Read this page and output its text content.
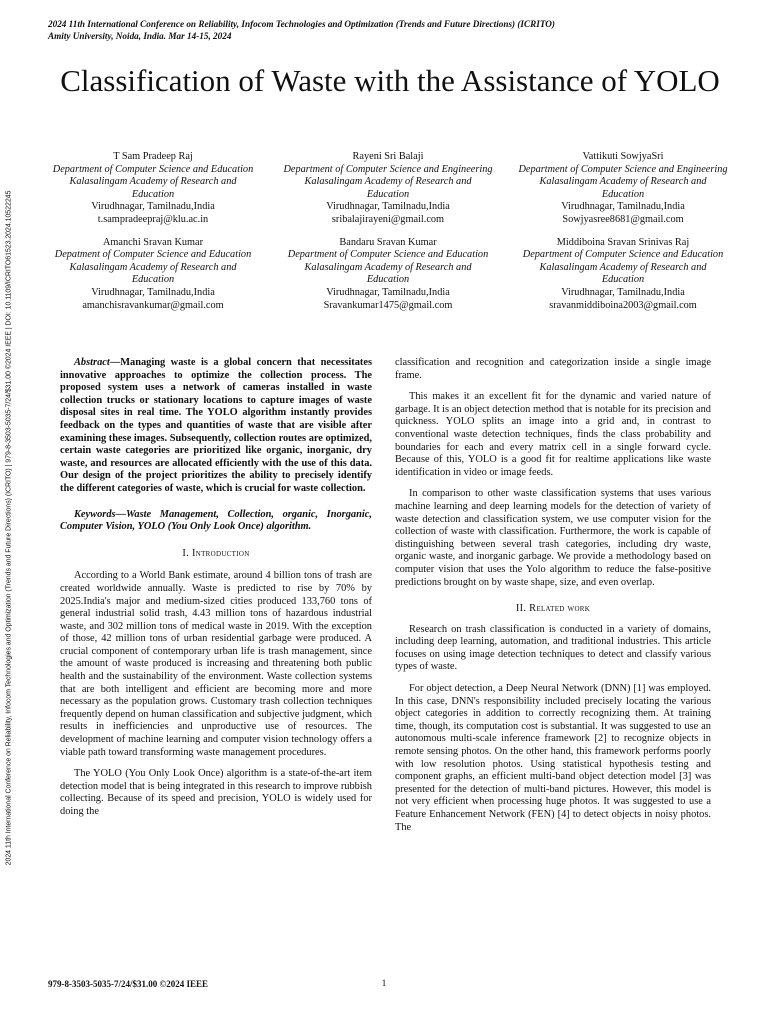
2024 11th International Conference on Reliability, Infocom Technologies and Optimization (Trends and Future Directions) (ICRITO)
Amity University, Noida, India. Mar 14-15, 2024
2024 11th International Conference on Reliability, Infocom Technologies and Optimization (Trends and Future Directions) (ICRITO) | 979-8-3503-5035-7/24/$31.00 ©2024 IEEE | DOI: 10.1109/ICRITO61523.2024.10522245
Classification of Waste with the Assistance of YOLO
T Sam Pradeep Raj
Department of Computer Science and Education
Kalasalingam Academy of Research and Education
Virudhnagar, Tamilnadu,India
t.sampradeepraj@klu.ac.in
Rayeni Sri Balaji
Department of Computer Science and Engineering
Kalasalingam Academy of Research and Education
Virudhnagar, Tamilnadu,India
sribalajirayeni@gmail.com
Vattikuti SowjyaSri
Department of Computer Science and Engineering
Kalasalingam Academy of Research and Education
Virudhnagar, Tamilnadu,India
Sowjyasree8681@gmail.com
Amanchi Sravan Kumar
Depatment of Computer Science and Education
Kalasalingam Academy of Research and Education
Virudhnagar, Tamilnadu,India
amanchisravankumar@gmail.com
Bandaru Sravan Kumar
Department of Computer Science and Education
Kalasalingam Academy of Research and Education
Virudhnagar, Tamilnadu,India
Sravankumar1475@gmail.com
Middiboina Sravan Srinivas Raj
Department of Computer Science and Education
Kalasalingam Academy of Research and Education
Virudhnagar, Tamilnadu,India
sravanmiddiboina2003@gmail.com

Abstract—Managing waste is a global concern that necessitates innovative approaches to optimize the collection process. The proposed system uses a network of cameras installed in waste collection trucks or stationary locations to capture images of waste disposal sites in real time. The YOLO algorithm instantly provides feedback on the types and quantities of waste that are visible after examining these images. Subsequently, collection routes are optimized, certain waste categories are prioritized like organic, inorganic, dry waste, and resources are allocated efficiently with the use of this data. Our design of the project prioritizes the ability to precisely identify the different categories of waste, which is crucial for waste collection.

Keywords—Waste Management, Collection, organic, Inorganic, Computer Vision, YOLO (You Only Look Once) algorithm.

I. Introduction

According to a World Bank estimate, around 4 billion tons of trash are created worldwide annually. Waste is predicted to rise by 70% by 2025.India's major and medium-sized cities produced 133,760 tons of general industrial solid trash, 4.43 million tons of hazardous industrial waste, and 302 million tons of medical waste in 2019. With the exception of those, 42 million tons of urban residential garbage were produced. A crucial component of contemporary urban life is trash management, since the amount of waste produced is increasing and threatening both public health and the sustainability of the environment. Waste collection systems that are both intelligent and efficient are becoming more and more necessary as the population grows. Customary trash collection techniques frequently depend on human classification and subjective judgment, which results in inefficiencies and unproductive use of resources. The development of machine learning and computer vision technology offers a viable path toward transforming waste management procedures.

The YOLO (You Only Look Once) algorithm is a state-of-the-art item detection model that is being integrated in this research to improve rubbish collecting. Because of its speed and precision, YOLO is widely used for doing the

classification and recognition and categorization inside a single image frame.

This makes it an excellent fit for the dynamic and varied nature of garbage. It is an object detection method that is notable for its precision and quickness. YOLO splits an image into a grid and, in contrast to conventional waste detection techniques, finds the class probability and boundaries for each and every matrix cell in a single forward cycle. Because of this, YOLO is a good fit for realtime applications like waste identification in video or image feeds.

In comparison to other waste classification systems that uses various machine learning and deep learning models for the detection of variety of waste detection and classification system, we use computer vision for the collection of waste with classification. Furthermore, the work is capable of distinguishing between several trash categories, including dry waste, organic waste, and inorganic garbage. We provide a methodology based on computer vision that uses the Yolo algorithm to reduce the false-positive predictions brought on by waste shape, size, and even overlap.

II. Related work

Research on trash classification is conducted in a variety of domains, including deep learning, automation, and traditional industries. This article focuses on using image detection techniques to detect and classify various types of waste.

For object detection, a Deep Neural Network (DNN) [1] was employed. In this case, DNN's responsibility included precisely locating the various object categories in addition to correctly recognizing them. At training time, though, its computation cost is substantial. It was suggested to use an autonomous multi-scale inference framework [2] to recognize objects in remote sensing photos. On the other hand, this framework performs poorly with low resolution photos. Using statistical hypothesis testing and component graphs, an efficient multi-band object detection model [3] was presented for the detection of multi-band pictures. However, this model is not very efficient when processing huge photos. It was suggested to use a Feature Enhancement Network (FEN) [4] to detect objects in noisy photos. The

979-8-3503-5035-7/24/$31.00 ©2024 IEEE	1
